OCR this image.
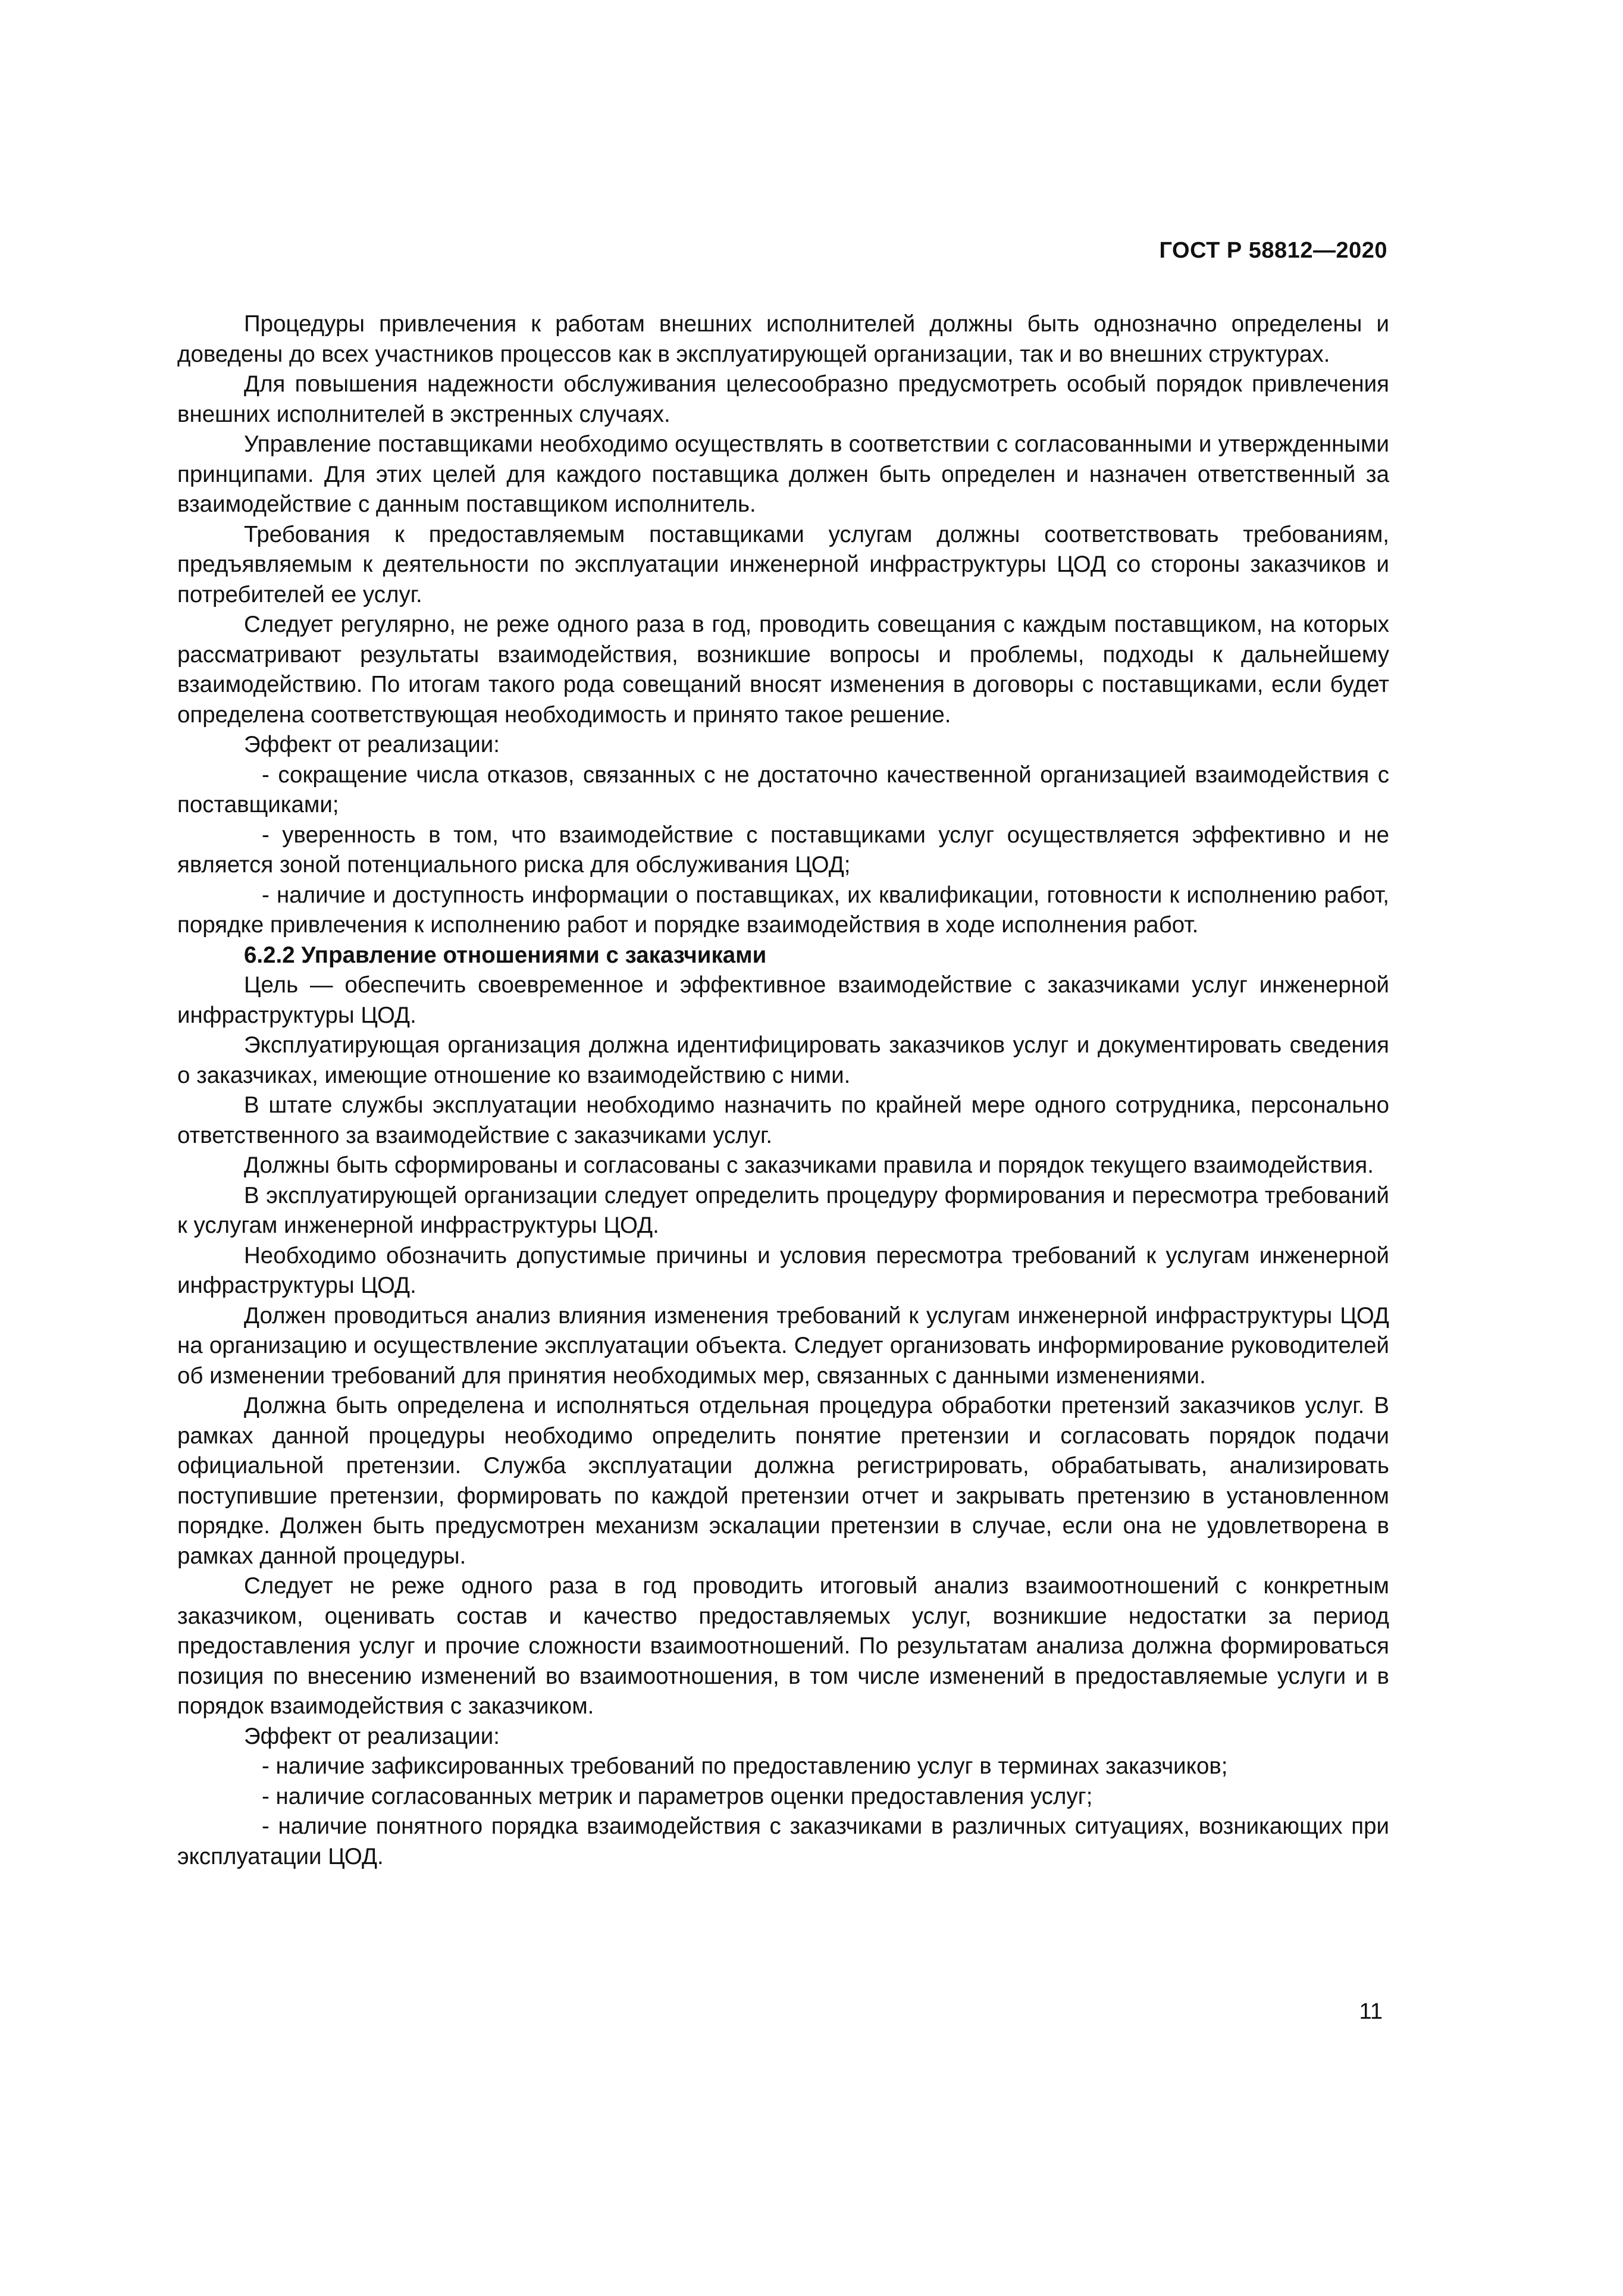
ГОСТ Р 58812—2020

Процедуры привлечения к работам внешних исполнителей должны быть однозначно определены и доведены до всех участников процессов как в эксплуатирующей организации, так и во внешних структурах.

Для повышения надежности обслуживания целесообразно предусмотреть особый порядок привлечения внешних исполнителей в экстренных случаях.

Управление поставщиками необходимо осуществлять в соответствии с согласованными и утвержденными принципами. Для этих целей для каждого поставщика должен быть определен и назначен ответственный за взаимодействие с данным поставщиком исполнитель.

Требования к предоставляемым поставщиками услугам должны соответствовать требованиям, предъявляемым к деятельности по эксплуатации инженерной инфраструктуры ЦОД со стороны заказчиков и потребителей ее услуг.

Следует регулярно, не реже одного раза в год, проводить совещания с каждым поставщиком, на которых рассматривают результаты взаимодействия, возникшие вопросы и проблемы, подходы к дальнейшему взаимодействию. По итогам такого рода совещаний вносят изменения в договоры с поставщиками, если будет определена соответствующая необходимость и принято такое решение.

Эффект от реализации:

- сокращение числа отказов, связанных с не достаточно качественной организацией взаимодействия с поставщиками;

- уверенность в том, что взаимодействие с поставщиками услуг осуществляется эффективно и не является зоной потенциального риска для обслуживания ЦОД;

- наличие и доступность информации о поставщиках, их квалификации, готовности к исполнению работ, порядке привлечения к исполнению работ и порядке взаимодействия в ходе исполнения работ.

6.2.2 Управление отношениями с заказчиками

Цель — обеспечить своевременное и эффективное взаимодействие с заказчиками услуг инженерной инфраструктуры ЦОД.

Эксплуатирующая организация должна идентифицировать заказчиков услуг и документировать сведения о заказчиках, имеющие отношение ко взаимодействию с ними.

В штате службы эксплуатации необходимо назначить по крайней мере одного сотрудника, персонально ответственного за взаимодействие с заказчиками услуг.

Должны быть сформированы и согласованы с заказчиками правила и порядок текущего взаимодействия.

В эксплуатирующей организации следует определить процедуру формирования и пересмотра требований к услугам инженерной инфраструктуры ЦОД.

Необходимо обозначить допустимые причины и условия пересмотра требований к услугам инженерной инфраструктуры ЦОД.

Должен проводиться анализ влияния изменения требований к услугам инженерной инфраструктуры ЦОД на организацию и осуществление эксплуатации объекта. Следует организовать информирование руководителей об изменении требований для принятия необходимых мер, связанных с данными изменениями.

Должна быть определена и исполняться отдельная процедура обработки претензий заказчиков услуг. В рамках данной процедуры необходимо определить понятие претензии и согласовать порядок подачи официальной претензии. Служба эксплуатации должна регистрировать, обрабатывать, анализировать поступившие претензии, формировать по каждой претензии отчет и закрывать претензию в установленном порядке. Должен быть предусмотрен механизм эскалации претензии в случае, если она не удовлетворена в рамках данной процедуры.

Следует не реже одного раза в год проводить итоговый анализ взаимоотношений с конкретным заказчиком, оценивать состав и качество предоставляемых услуг, возникшие недостатки за период предоставления услуг и прочие сложности взаимоотношений. По результатам анализа должна формироваться позиция по внесению изменений во взаимоотношения, в том числе изменений в предоставляемые услуги и в порядок взаимодействия с заказчиком.

Эффект от реализации:

- наличие зафиксированных требований по предоставлению услуг в терминах заказчиков;

- наличие согласованных метрик и параметров оценки предоставления услуг;

- наличие понятного порядка взаимодействия с заказчиками в различных ситуациях, возникающих при эксплуатации ЦОД.

11
